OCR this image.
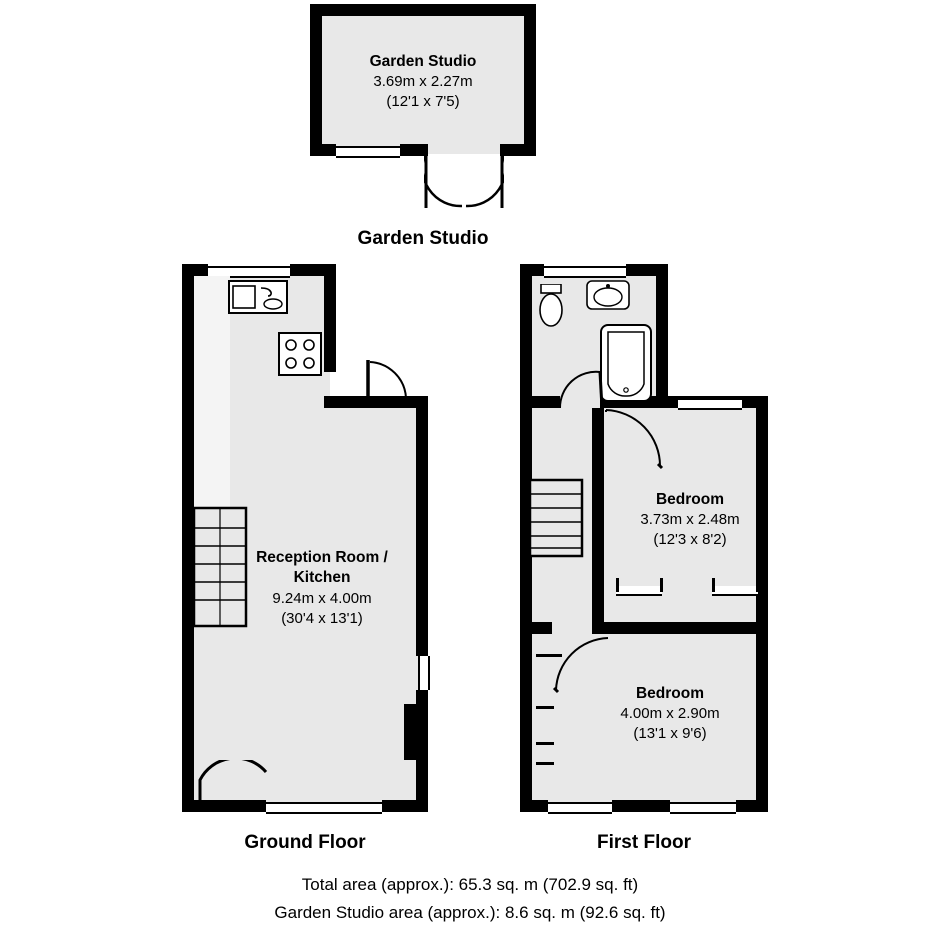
Garden Studio
3.69m x 2.27m
(12'1 x 7'5)
Garden Studio
Reception Room /
Kitchen
9.24m x 4.00m
(30'4 x 13'1)
Ground Floor
Bedroom
3.73m x 2.48m
(12'3 x 8'2)
Bedroom
4.00m x 2.90m
(13'1 x 9'6)
First Floor
Total area (approx.): 65.3 sq. m (702.9 sq. ft)
Garden Studio area (approx.): 8.6 sq. m (92.6 sq. ft)
